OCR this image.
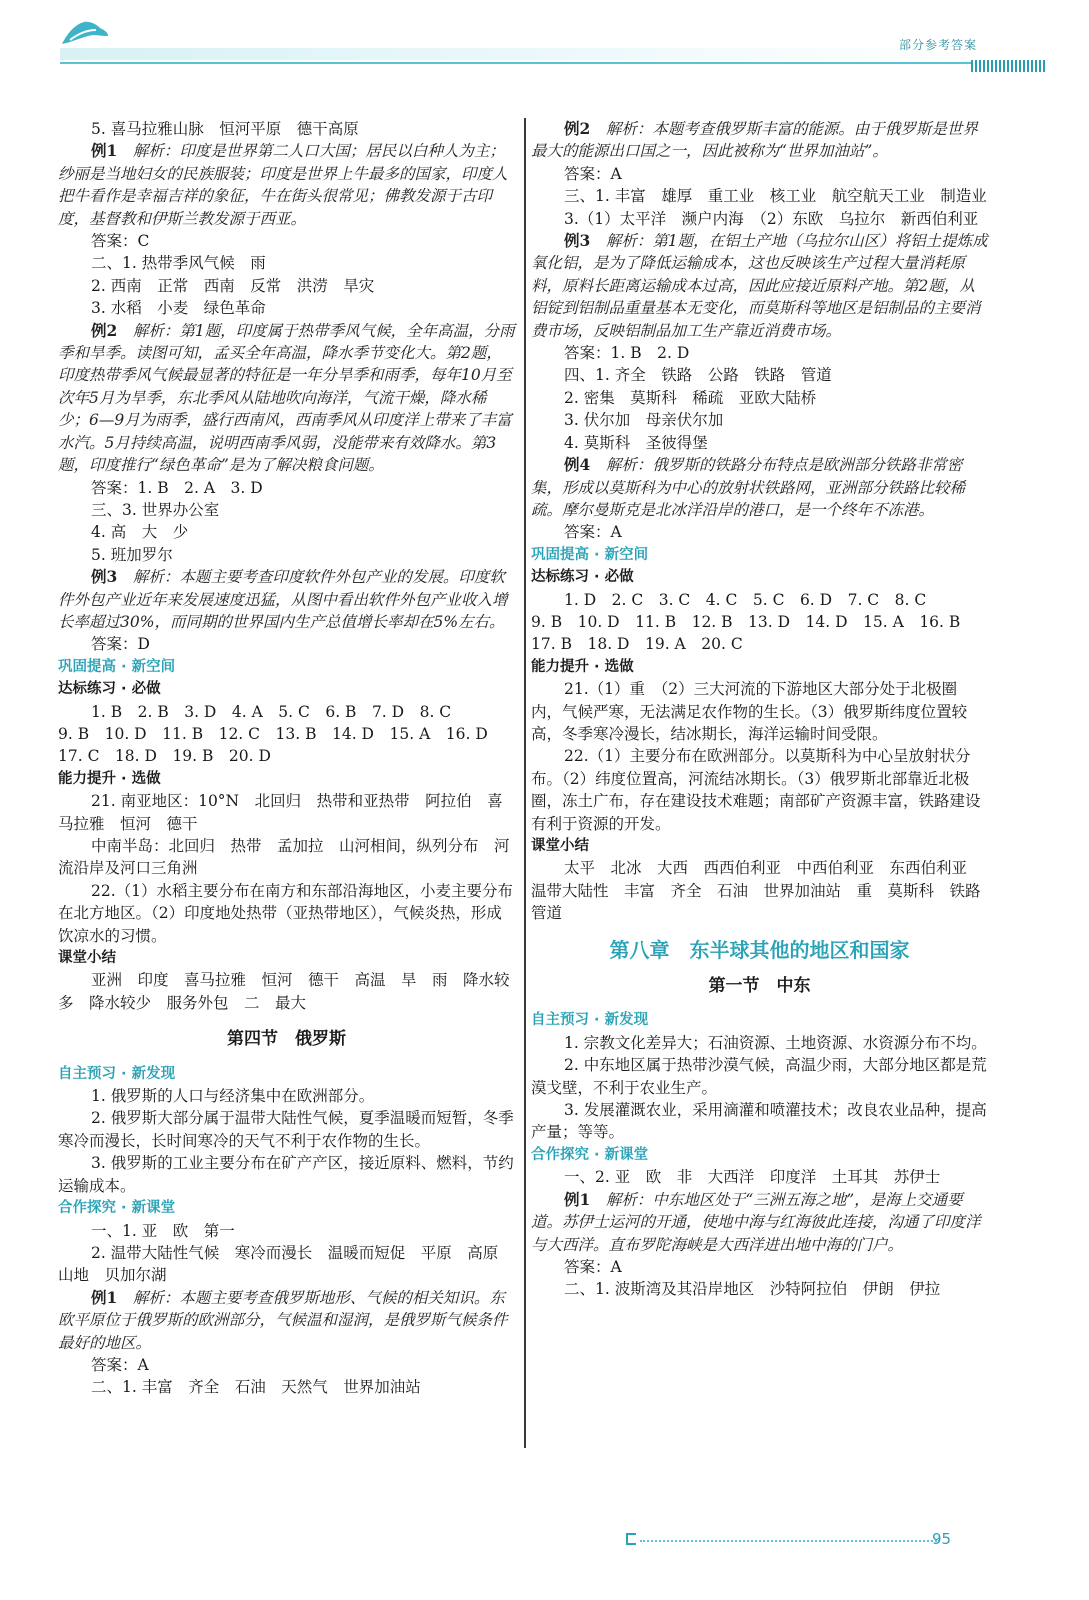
部分参考答案

5. 喜马拉雅山脉　恒河平原　德干高原

例1　 解析：印度是世界第二人口大国；居民以白种人为主；纱丽是当地妇女的民族服装；印度是世界上牛最多的国家，印度人把牛看作是幸福吉祥的象征，牛在街头很常见；佛教发源于古印度，基督教和伊斯兰教发源于西亚。

答案：C

二、1. 热带季风气候　雨

2. 西南　正常　西南　反常　洪涝　旱灾

3. 水稻　小麦　绿色革命

例2　 解析：第1题，印度属于热带季风气候，全年高温，分雨季和旱季。读图可知，孟买全年高温，降水季节变化大。第2题，印度热带季风气候最显著的特征是一年分旱季和雨季，每年10月至次年5月为旱季，东北季风从陆地吹向海洋，气流干燥，降水稀少；6—9月为雨季，盛行西南风，西南季风从印度洋上带来了丰富水汽。5月持续高温，说明西南季风弱，没能带来有效降水。第3题，印度推行“绿色革命”是为了解决粮食问题。

答案：1. B　2. A　3. D

三、3. 世界办公室

4. 高　大　少

5. 班加罗尔

例3　 解析：本题主要考查印度软件外包产业的发展。印度软件外包产业近年来发展速度迅猛，从图中看出软件外包产业收入增长率超过30%，而同期的世界国内生产总值增长率却在5%左右。

答案：D

巩固提高 · 新空间

达标练习 · 必做

1. B　2. B　3. D　4. A　5. C　6. B　7. D　8. C

9. B　10. D　11. B　12. C　13. B　14. D　15. A　16. D

17. C　18. D　19. B　20. D

能力提升 · 选做

21. 南亚地区：10°N　北回归　热带和亚热带　阿拉伯　喜马拉雅　恒河　德干

中南半岛：北回归　热带　孟加拉　山河相间，纵列分布　河流沿岸及河口三角洲

22.（1）水稻主要分布在南方和东部沿海地区，小麦主要分布在北方地区。（2）印度地处热带（亚热带地区），气候炎热，形成饮凉水的习惯。

课堂小结

亚洲　印度　喜马拉雅　恒河　德干　高温　旱　雨　降水较多　降水较少　服务外包　二　最大

第四节　俄罗斯

自主预习 · 新发现

1. 俄罗斯的人口与经济集中在欧洲部分。

2. 俄罗斯大部分属于温带大陆性气候，夏季温暖而短暂，冬季寒冷而漫长，长时间寒冷的天气不利于农作物的生长。

3. 俄罗斯的工业主要分布在矿产产区，接近原料、燃料，节约运输成本。

合作探究 · 新课堂

一、1. 亚　欧　第一

2. 温带大陆性气候　寒冷而漫长　温暖而短促　平原　高原　山地　贝加尔湖

例1　 解析：本题主要考查俄罗斯地形、气候的相关知识。东欧平原位于俄罗斯的欧洲部分，气候温和湿润，是俄罗斯气候条件最好的地区。

答案：A

二、1. 丰富　齐全　石油　天然气　世界加油站

例2　 解析：本题考查俄罗斯丰富的能源。由于俄罗斯是世界最大的能源出口国之一，因此被称为“世界加油站”。

答案：A

三、1. 丰富　雄厚　重工业　核工业　航空航天工业　制造业

3.（1）太平洋　濒户内海　（2）东欧　乌拉尔　新西伯利亚

例3　 解析：第1题，在铝土产地（乌拉尔山区）将铝土提炼成氧化铝，是为了降低运输成本，这也反映该生产过程大量消耗原料，原料长距离运输成本过高，因此应接近原料产地。第2题，从铝锭到铝制品重量基本无变化，而莫斯科等地区是铝制品的主要消费市场，反映铝制品加工生产靠近消费市场。

答案：1. B　2. D

四、1. 齐全　铁路　公路　铁路　管道

2. 密集　莫斯科　稀疏　亚欧大陆桥

3. 伏尔加　母亲伏尔加

4. 莫斯科　圣彼得堡

例4　 解析：俄罗斯的铁路分布特点是欧洲部分铁路非常密集，形成以莫斯科为中心的放射状铁路网，亚洲部分铁路比较稀疏。摩尔曼斯克是北冰洋沿岸的港口，是一个终年不冻港。

答案：A

巩固提高 · 新空间

达标练习 · 必做

1. D　2. C　3. C　4. C　5. C　6. D　7. C　8. C

9. B　10. D　11. B　12. B　13. D　14. D　15. A　16. B

17. B　18. D　19. A　20. C

能力提升 · 选做

21.（1）重　（2）三大河流的下游地区大部分处于北极圈内，气候严寒，无法满足农作物的生长。（3）俄罗斯纬度位置较高，冬季寒冷漫长，结冰期长，海洋运输时间受限。

22.（1）主要分布在欧洲部分。以莫斯科为中心呈放射状分布。（2）纬度位置高，河流结冰期长。（3）俄罗斯北部靠近北极圈，冻土广布，存在建设技术难题；南部矿产资源丰富，铁路建设有利于资源的开发。

课堂小结

太平　北冰　大西　西西伯利亚　中西伯利亚　东西伯利亚　温带大陆性　丰富　齐全　石油　世界加油站　重　莫斯科　铁路　管道

第八章　东半球其他的地区和国家

第一节　中东

自主预习 · 新发现

1. 宗教文化差异大；石油资源、土地资源、水资源分布不均。

2. 中东地区属于热带沙漠气候，高温少雨，大部分地区都是荒漠戈壁，不利于农业生产。

3. 发展灌溉农业，采用滴灌和喷灌技术；改良农业品种，提高产量；等等。

合作探究 · 新课堂

一、2. 亚　欧　非　大西洋　印度洋　土耳其　苏伊士

例1　 解析：中东地区处于“三洲五海之地”，是海上交通要道。苏伊士运河的开通，使地中海与红海彼此连接，沟通了印度洋与大西洋。直布罗陀海峡是大西洋进出地中海的门户。

答案：A

二、1. 波斯湾及其沿岸地区　沙特阿拉伯　伊朗　伊拉

95
